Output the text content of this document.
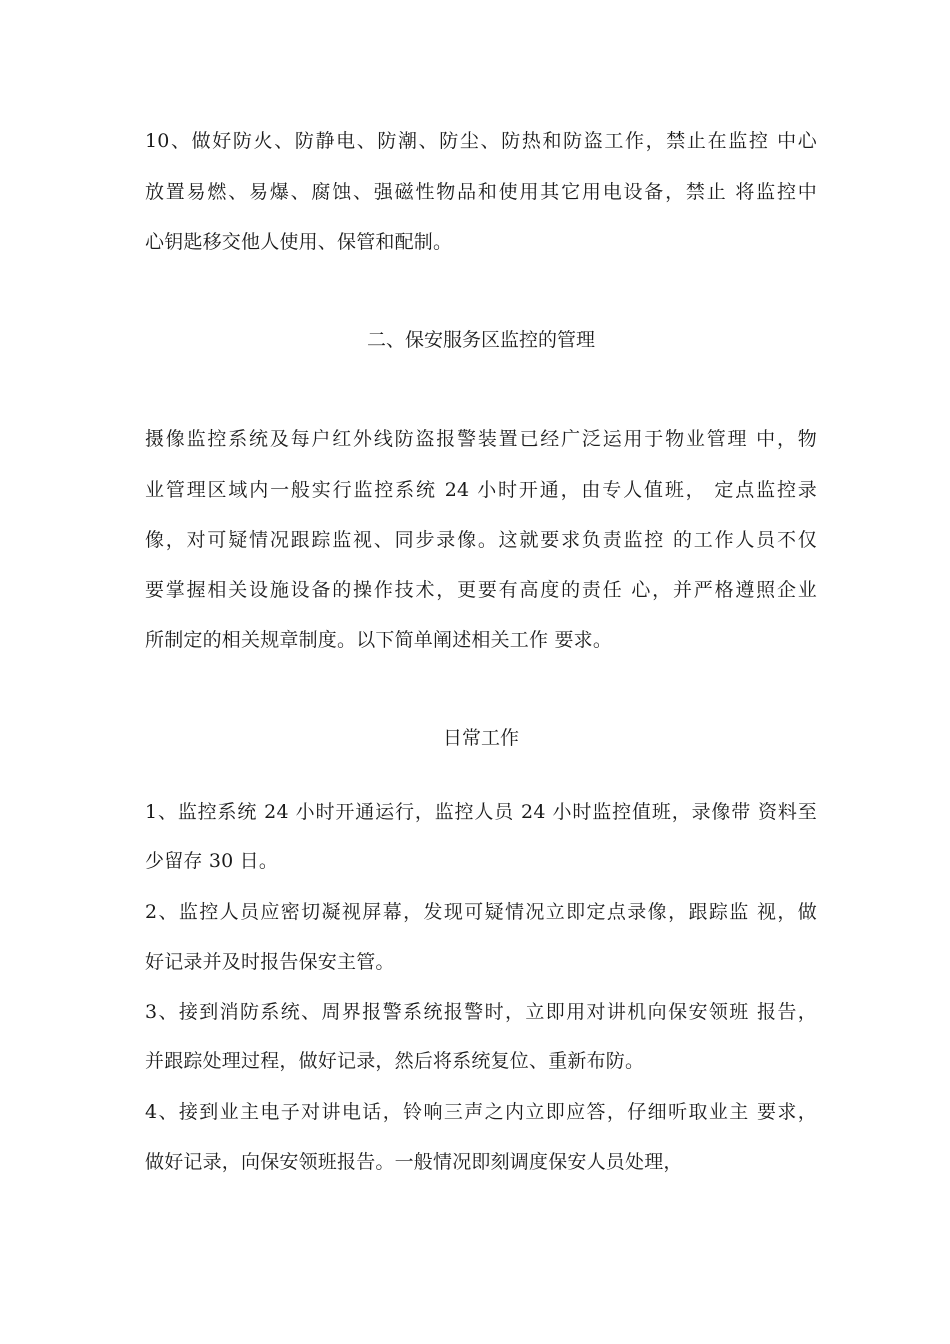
10、做好防火、防静电、防潮、防尘、防热和防盗工作，禁止在监控 中心
放置易燃、易爆、腐蚀、强磁性物品和使用其它用电设备，禁止 将监控中
心钥匙移交他人使用、保管和配制。
二、保安服务区监控的管理
摄像监控系统及每户红外线防盗报警装置已经广泛运用于物业管理 中，物
业管理区域内一般实行监控系统 24 小时开通，由专人值班， 定点监控录
像，对可疑情况跟踪监视、同步录像。这就要求负责监控 的工作人员不仅
要掌握相关设施设备的操作技术，更要有高度的责任 心，并严格遵照企业
所制定的相关规章制度。以下简单阐述相关工作 要求。
日常工作
1、监控系统 24 小时开通运行，监控人员 24 小时监控值班，录像带 资料至
少留存 30 日。
2、监控人员应密切凝视屏幕，发现可疑情况立即定点录像，跟踪监 视，做
好记录并及时报告保安主管。
3、接到消防系统、周界报警系统报警时，立即用对讲机向保安领班 报告，
并跟踪处理过程，做好记录，然后将系统复位、重新布防。
4、接到业主电子对讲电话，铃响三声之内立即应答，仔细听取业主 要求，
做好记录，向保安领班报告。一般情况即刻调度保安人员处理，
